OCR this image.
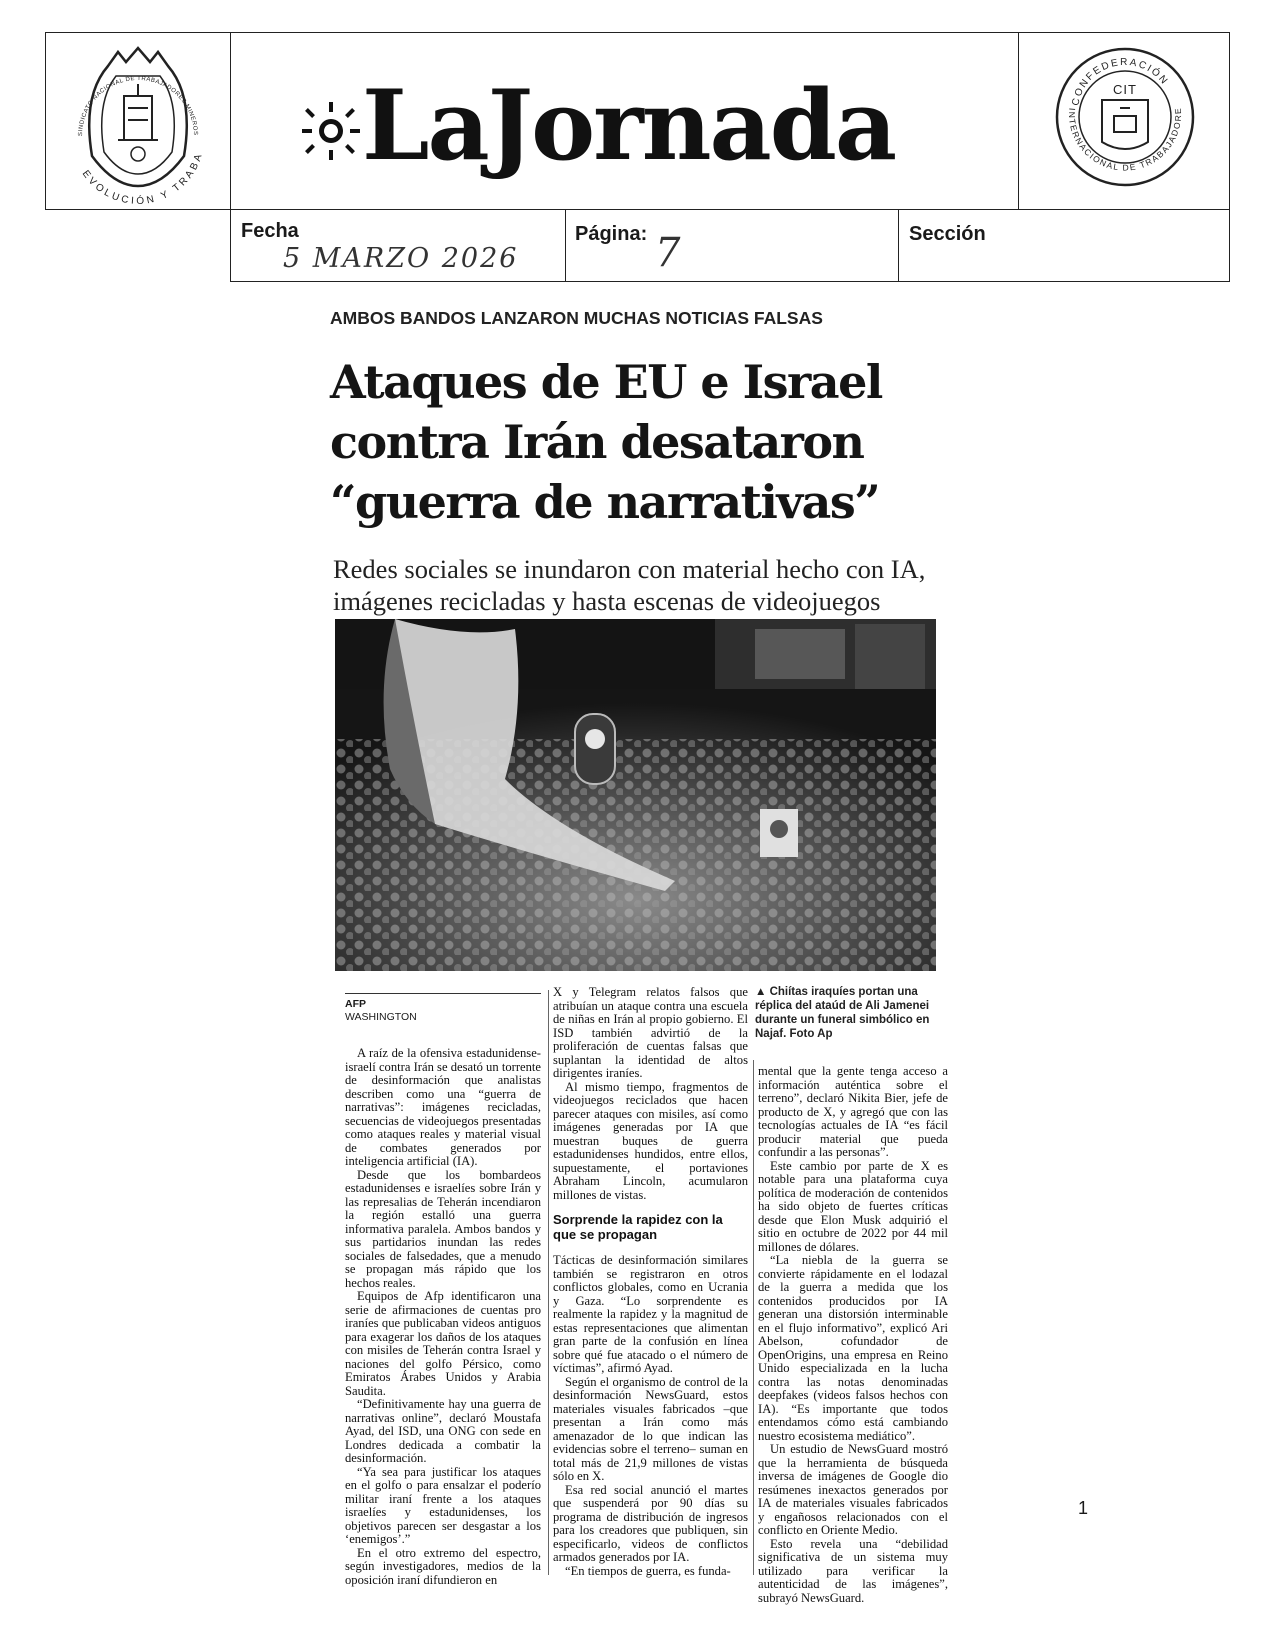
SINDICATO NACIONAL DE TRABAJADORES MINEROS
EVOLUCIÓN Y TRABA LaJornada	CIT
CONFEDERACIÓN
INTERNACIONAL DE TRABAJADORE
Fecha
5 MARZO 2026
Página: 7	Sección
AMBOS BANDOS LANZARON MUCHAS NOTICIAS FALSAS
Ataques de EU e Israel
contra Irán desataron
“guerra de narrativas”
Redes sociales se inundaron con material hecho con IA,
imágenes recicladas y hasta escenas de videojuegos
▲ Chiítas iraquíes portan una réplica del ataúd de Ali Jamenei durante un funeral simbólico en Najaf. Foto Ap
AFP
WASHINGTON

A raíz de la ofensiva estadunidense-israelí contra Irán se desató un torrente de desinformación que analistas describen como una “guerra de narrativas”: imágenes recicladas, secuencias de videojuegos presentadas como ataques reales y material visual de combates generados por inteligencia artificial (IA).

Desde que los bombardeos estadunidenses e israelíes sobre Irán y las represalias de Teherán incendiaron la región estalló una guerra informativa paralela. Ambos bandos y sus partidarios inundan las redes sociales de falsedades, que a menudo se propagan más rápido que los hechos reales.

Equipos de Afp identificaron una serie de afirmaciones de cuentas pro iraníes que publicaban videos antiguos para exagerar los daños de los ataques con misiles de Teherán contra Israel y naciones del golfo Pérsico, como Emiratos Árabes Unidos y Arabia Saudita.

“Definitivamente hay una guerra de narrativas online”, declaró Moustafa Ayad, del ISD, una ONG con sede en Londres dedicada a combatir la desinformación.

“Ya sea para justificar los ataques en el golfo o para ensalzar el poderío militar iraní frente a los ataques israelíes y estadunidenses, los objetivos parecen ser desgastar a los ‘enemigos’.”

En el otro extremo del espectro, según investigadores, medios de la oposición iraní difundieron en

X y Telegram relatos falsos que atribuían un ataque contra una escuela de niñas en Irán al propio gobierno. El ISD también advirtió de la proliferación de cuentas falsas que suplantan la identidad de altos dirigentes iraníes.

Al mismo tiempo, fragmentos de videojuegos reciclados que hacen parecer ataques con misiles, así como imágenes generadas por IA que muestran buques de guerra estadunidenses hundidos, entre ellos, supuestamente, el portaviones Abraham Lincoln, acumularon millones de vistas.

Sorprende la rapidez con la que se propagan

Tácticas de desinformación similares también se registraron en otros conflictos globales, como en Ucrania y Gaza. “Lo sorprendente es realmente la rapidez y la magnitud de estas representaciones que alimentan gran parte de la confusión en línea sobre qué fue atacado o el número de víctimas”, afirmó Ayad.

Según el organismo de control de la desinformación NewsGuard, estos materiales visuales fabricados –que presentan a Irán como más amenazador de lo que indican las evidencias sobre el terreno– suman en total más de 21,9 millones de vistas sólo en X.

Esa red social anunció el martes que suspenderá por 90 días su programa de distribución de ingresos para los creadores que publiquen, sin especificarlo, videos de conflictos armados generados por IA.

“En tiempos de guerra, es funda-

mental que la gente tenga acceso a información auténtica sobre el terreno”, declaró Nikita Bier, jefe de producto de X, y agregó que con las tecnologías actuales de IA “es fácil producir material que pueda confundir a las personas”.

Este cambio por parte de X es notable para una plataforma cuya política de moderación de contenidos ha sido objeto de fuertes críticas desde que Elon Musk adquirió el sitio en octubre de 2022 por 44 mil millones de dólares.

“La niebla de la guerra se convierte rápidamente en el lodazal de la guerra a medida que los contenidos producidos por IA generan una distorsión interminable en el flujo informativo”, explicó Ari Abelson, cofundador de OpenOrigins, una empresa en Reino Unido especializada en la lucha contra las notas denominadas deepfakes (videos falsos hechos con IA). “Es importante que todos entendamos cómo está cambiando nuestro ecosistema mediático”.

Un estudio de NewsGuard mostró que la herramienta de búsqueda inversa de imágenes de Google dio resúmenes inexactos generados por IA de materiales visuales fabricados y engañosos relacionados con el conflicto en Oriente Medio.

Esto revela una “debilidad significativa de un sistema muy utilizado para verificar la autenticidad de las imágenes”, subrayó NewsGuard.

1
